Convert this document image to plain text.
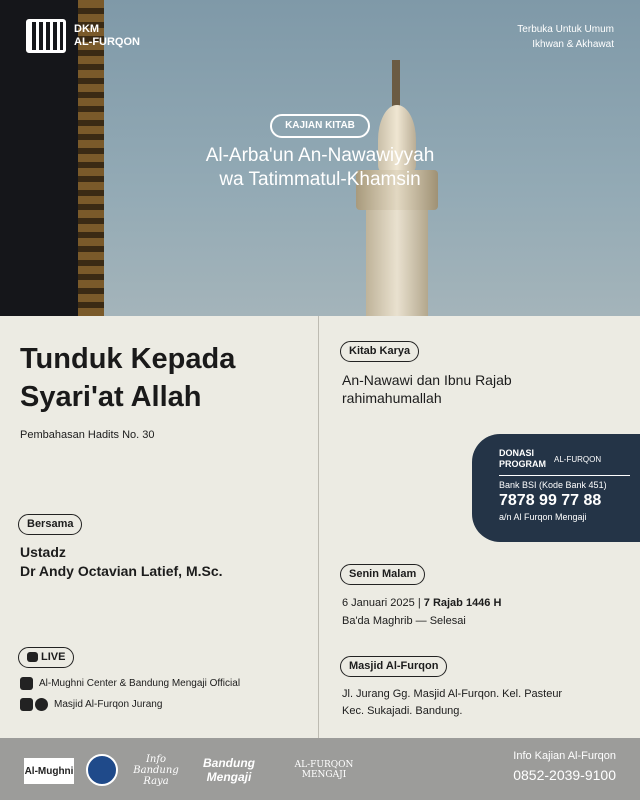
DKM
AL-FURQON
Terbuka Untuk Umum
Ikhwan & Akhawat
KAJIAN KITAB
Al-Arba'un An-Nawawiyyah
wa Tatimmatul-Khamsin
Tunduk Kepada
Syari'at Allah
Pembahasan Hadits No. 30
Bersama
Ustadz
Dr Andy Octavian Latief, M.Sc.
LIVE
Al-Mughni Center & Bandung Mengaji Official
Masjid Al-Furqon Jurang
Kitab Karya
An-Nawawi dan Ibnu Rajab
rahimahumallah
DONASI
PROGRAM AL-FURQON
Bank BSI (Kode Bank 451)
7878 99 77 88
a/n Al Furqon Mengaji
Senin Malam
6 Januari 2025 | 7 Rajab 1446 H
Ba'da Maghrib — Selesai
Masjid Al-Furqon
Jl. Jurang Gg. Masjid Al-Furqon. Kel. Pasteur
Kec. Sukajadi. Bandung.
Al-Mughni
Info Bandung Raya
Bandung Mengaji
AL-FURQON MENGAJI
Info Kajian Al-Furqon
0852-2039-9100
